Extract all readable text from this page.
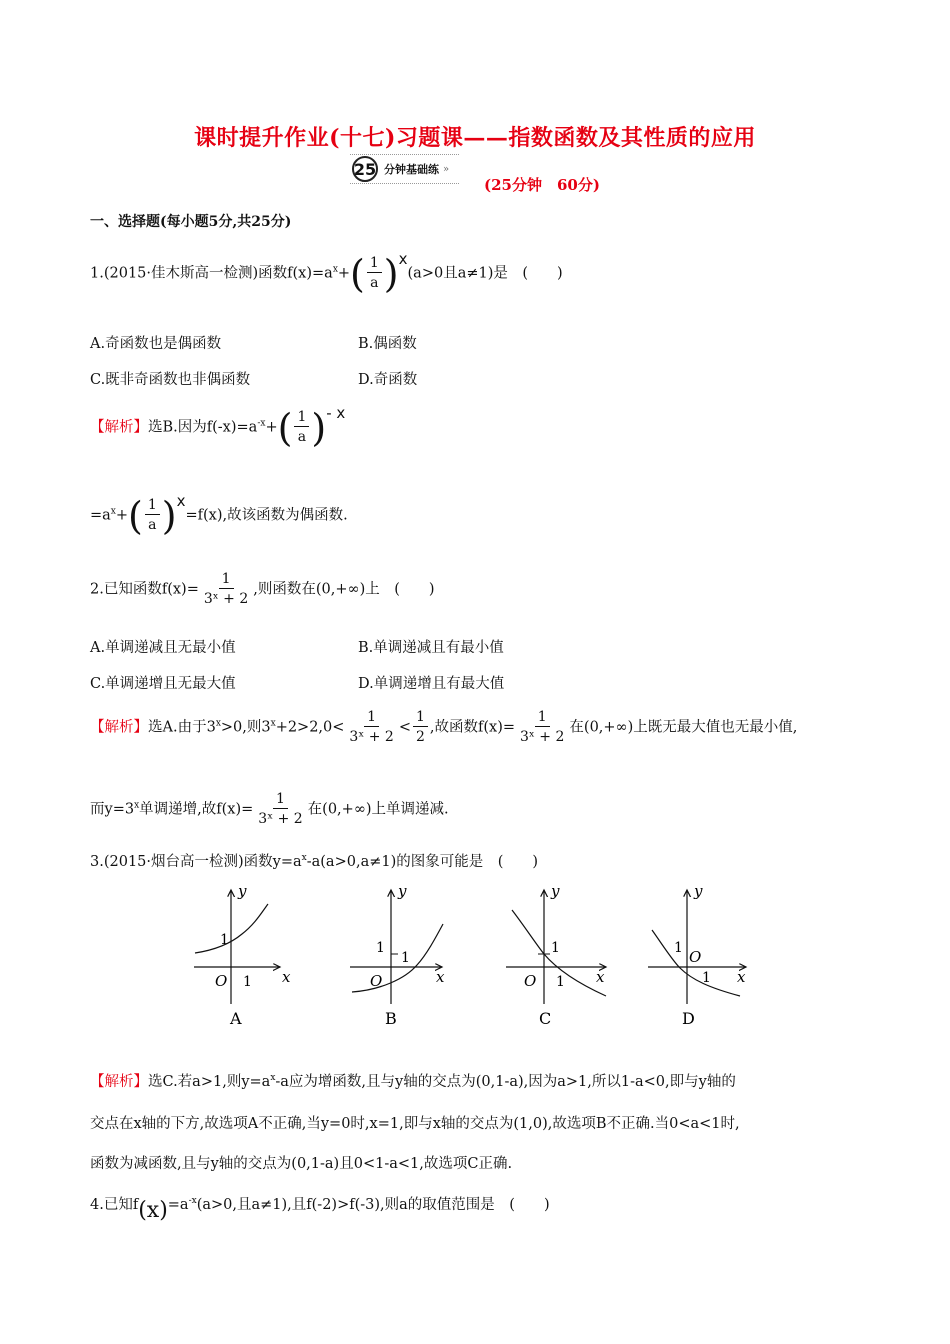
课时提升作业(十七)习题课——指数函数及其性质的应用
25 分钟基础练 »
(25分钟　60分)
一、选择题(每小题5分,共25分)
1.(2015·佳木斯高一检测)函数$f(x)=a^x+$ ( $\frac{1}{a}$ ) x(a>0且a≠1)是　(　　)
A.奇函数也是偶函数	B.偶函数
C.既非奇函数也非偶函数	D.奇函数
【解析】选B.因为$f(-x)=a^{-x}+$ ( $\frac{1}{a}$ ) - x
$=a^x+$ ( $\frac{1}{a}$ ) x=f(x),故该函数为偶函数.
2.已知函数$f(x)= \frac{1}{\text{3ˣ + 2}}$ ,则函数在(0,+∞)上　(　　)
A.单调递减且无最小值	B.单调递减且有最小值
C.单调递增且无最大值	D.单调递增且有最大值
【解析】选A.由于$3^x>0$,则$3^x+2>2,0< \frac{1}{\text{3ˣ + 2}} < \frac{1}{2}$ ,故函数$f(x)= \frac{1}{\text{3ˣ + 2}}$ 在(0,+∞)上既无最大值也无最小值,
而$y=3^x$单调递增,故$f(x)= \frac{1}{\text{3ˣ + 2}}$ 在(0,+∞)上单调递减.
3.(2015·烟台高一检测)函数$y=a^x-a(a>0,a\ne 1)$的图象可能是　(　　)
y
x
O 1
1
A
y
x
O
1
1
B
y
x
O 1
1
C
y
x
O
1
1
D
【解析】选C.若a>1,则$y=a^x-a$应为增函数,且与y轴的交点为(0,1-a),因为a>1,所以1-a<0,即与y轴的
交点在x轴的下方,故选项A不正确,当y=0时,x=1,即与x轴的交点为(1,0),故选项B不正确.当0<a<1时,
函数为减函数,且与y轴的交点为(0,1-a)且0<1-a<1,故选项C正确.
4.已知$f(x)=a^{-x}(a>0$,且a≠1),且f(-2)>f(-3),则a的取值范围是　(　　)
